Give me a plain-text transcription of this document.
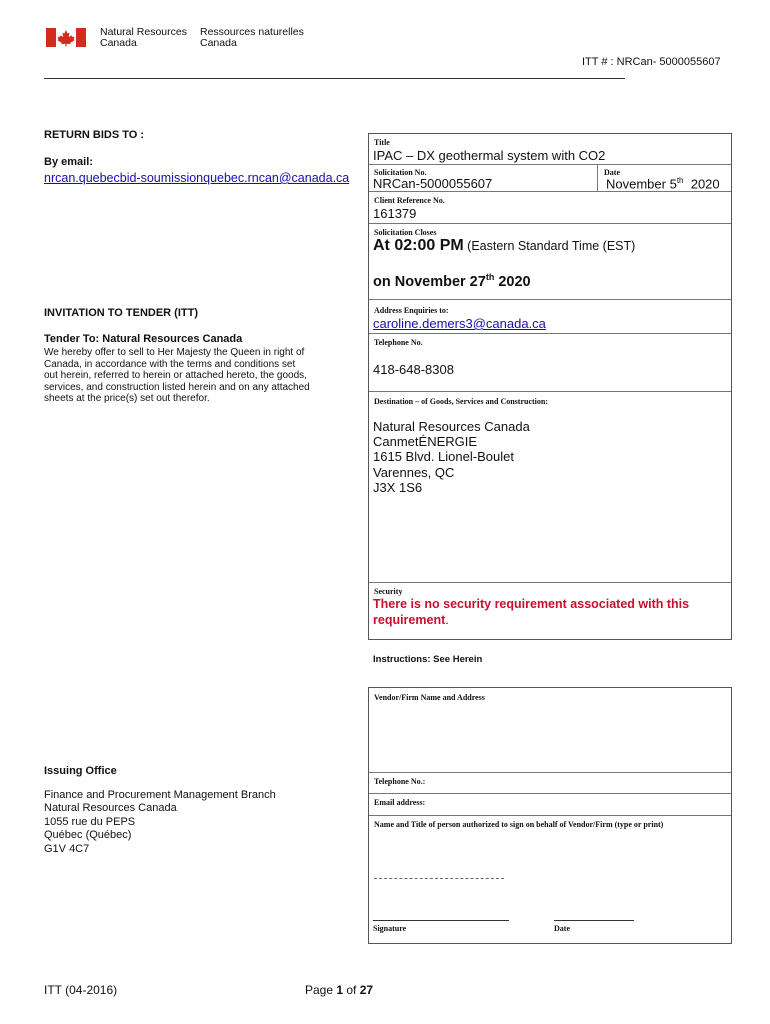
Natural Resources
Canada
Ressources naturelles
Canada
ITT # : NRCan- 5000055607
RETURN BIDS TO :
By email:
nrcan.quebecbid-soumissionquebec.rncan@canada.ca
INVITATION TO TENDER (ITT)
Tender To: Natural Resources Canada
We hereby offer to sell to Her Majesty the Queen in right of
Canada, in accordance with the terms and conditions set
out herein, referred to herein or attached hereto, the goods,
services, and construction listed herein and on any attached
sheets at the price(s) set out therefor.
Issuing Office
Finance and Procurement Management Branch
Natural Resources Canada
1055 rue du PEPS
Québec (Québec)
G1V 4C7
Title
IPAC – DX geothermal system with CO2
Solicitation No.
NRCan-5000055607
Date
November 5th  2020
Client Reference No.
161379
Solicitation Closes
At 02:00 PM (Eastern Standard Time (EST)
on November 27th 2020
Address Enquiries to:
caroline.demers3@canada.ca
Telephone No.
418-648-8308
Destination – of Goods, Services and Construction:
Natural Resources Canada
CanmetÉNERGIE
1615 Blvd. Lionel-Boulet
Varennes, QC
J3X 1S6
Security
There is no security requirement associated with this
requirement.
Instructions: See Herein
Vendor/Firm Name and Address
Telephone No.:
Email address:
Name and Title of person authorized to sign on behalf of Vendor/Firm (type or print)
Signature	Date
ITT (04-2016)	Page 1 of 27
